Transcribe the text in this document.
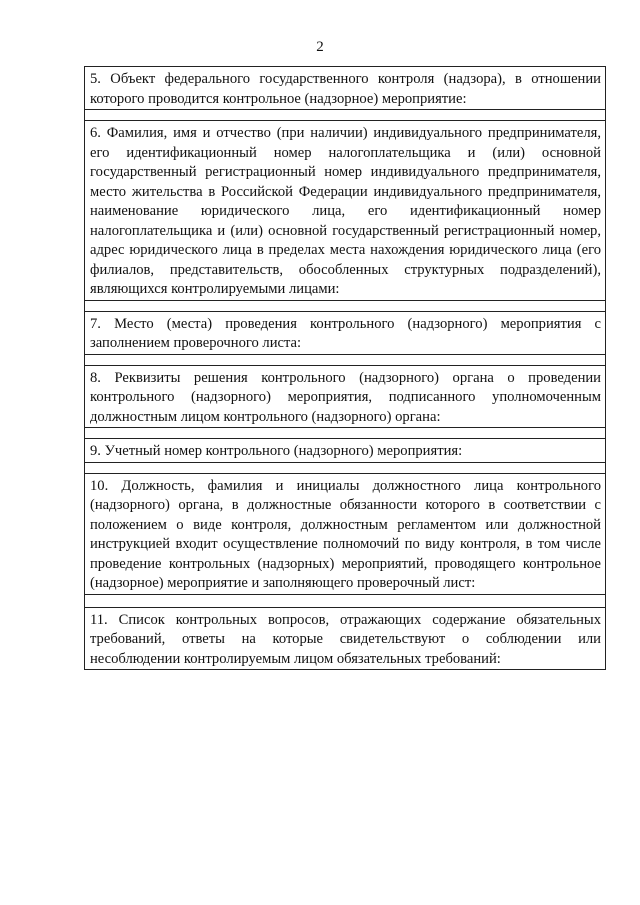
2
5. Объект федерального государственного контроля (надзора), в отношении которого проводится контрольное (надзорное) мероприятие:
6. Фамилия, имя и отчество (при наличии) индивидуального предпринимателя, его идентификационный номер налогоплательщика и (или) основной государственный регистрационный номер индивидуального предпринимателя, место жительства в Российской Федерации индивидуального предпринимателя, наименование юридического лица, его идентификационный номер налогоплательщика и (или) основной государственный регистрационный номер, адрес юридического лица в пределах места нахождения юридического лица (его филиалов, представительств, обособленных структурных подразделений), являющихся контролируемыми лицами:
7. Место (места) проведения контрольного (надзорного) мероприятия с заполнением проверочного листа:
8. Реквизиты решения контрольного (надзорного) органа о проведении контрольного (надзорного) мероприятия, подписанного уполномоченным должностным лицом контрольного (надзорного) органа:
9. Учетный номер контрольного (надзорного) мероприятия:
10. Должность, фамилия и инициалы должностного лица контрольного (надзорного) органа, в должностные обязанности которого в соответствии с положением о виде контроля, должностным регламентом или должностной инструкцией входит осуществление полномочий по виду контроля, в том числе проведение контрольных (надзорных) мероприятий, проводящего контрольное (надзорное) мероприятие и заполняющего проверочный лист:
11. Список контрольных вопросов, отражающих содержание обязательных требований, ответы на которые свидетельствуют о соблюдении или несоблюдении контролируемым лицом обязательных требований:
